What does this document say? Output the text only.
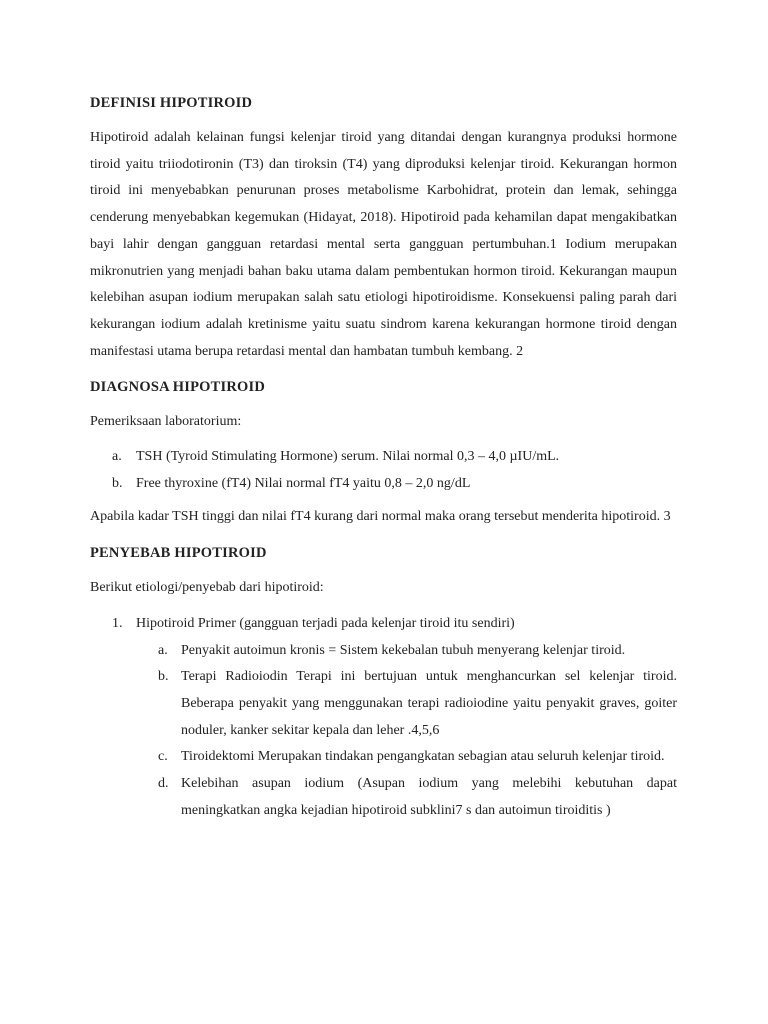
DEFINISI HIPOTIROID

Hipotiroid adalah kelainan fungsi kelenjar tiroid yang ditandai dengan kurangnya produksi hormone tiroid yaitu triiodotironin (T3) dan tiroksin (T4) yang diproduksi kelenjar tiroid. Kekurangan hormon tiroid ini menyebabkan penurunan proses metabolisme Karbohidrat, protein dan lemak, sehingga cenderung menyebabkan kegemukan (Hidayat, 2018). Hipotiroid pada kehamilan dapat mengakibatkan bayi lahir dengan gangguan retardasi mental serta gangguan pertumbuhan.1 Iodium merupakan mikronutrien yang menjadi bahan baku utama dalam pembentukan hormon tiroid. Kekurangan maupun kelebihan asupan iodium merupakan salah satu etiologi hipotiroidisme. Konsekuensi paling parah dari kekurangan iodium adalah kretinisme yaitu suatu sindrom karena kekurangan hormone tiroid dengan manifestasi utama berupa retardasi mental dan hambatan tumbuh kembang. 2

DIAGNOSA HIPOTIROID

Pemeriksaan laboratorium:

a. TSH (Tyroid Stimulating Hormone) serum. Nilai normal 0,3 – 4,0 µIU/mL.
b. Free thyroxine (fT4) Nilai normal fT4 yaitu 0,8 – 2,0 ng/dL

Apabila kadar TSH tinggi dan nilai fT4 kurang dari normal maka orang tersebut menderita hipotiroid. 3

PENYEBAB HIPOTIROID

Berikut etiologi/penyebab dari hipotiroid:

1. Hipotiroid Primer (gangguan terjadi pada kelenjar tiroid itu sendiri)
a. Penyakit autoimun kronis = Sistem kekebalan tubuh menyerang kelenjar tiroid.
b. Terapi Radioiodin Terapi ini bertujuan untuk menghancurkan sel kelenjar tiroid. Beberapa penyakit yang menggunakan terapi radioiodine yaitu penyakit graves, goiter noduler, kanker sekitar kepala dan leher .4,5,6
c. Tiroidektomi Merupakan tindakan pengangkatan sebagian atau seluruh kelenjar tiroid.
d. Kelebihan asupan iodium (Asupan iodium yang melebihi kebutuhan dapat meningkatkan angka kejadian hipotiroid subklini7 s dan autoimun tiroiditis )
